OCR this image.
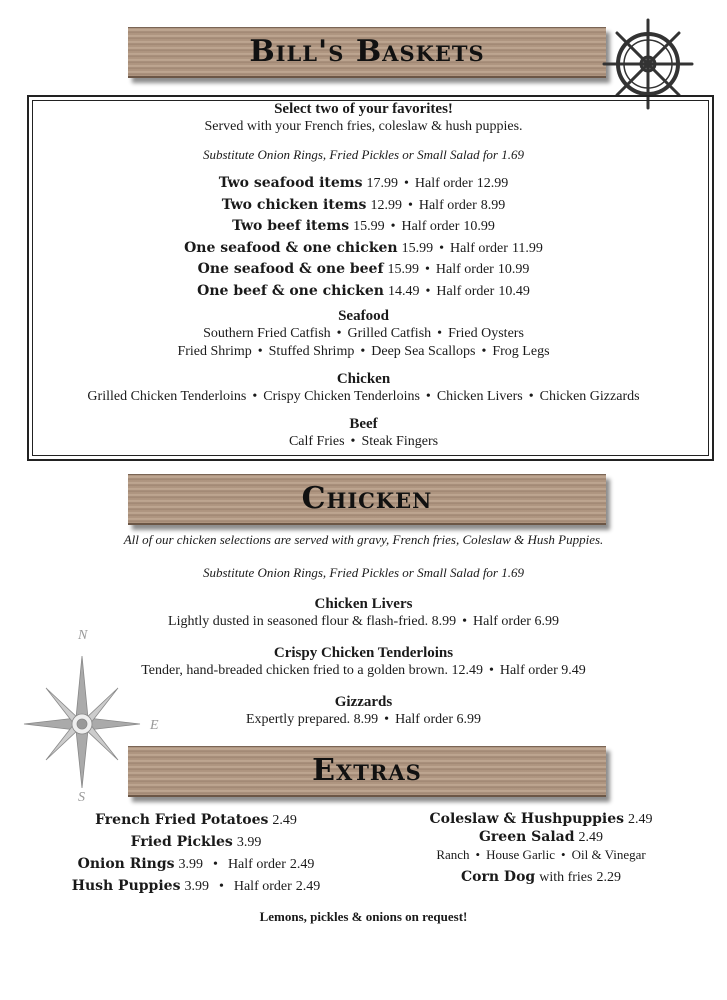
Bill's Baskets
Select two of your favorites!
Served with your French fries, coleslaw & hush puppies.
Substitute Onion Rings, Fried Pickles or Small Salad for 1.69
Two seafood items 17.99 • Half order 12.99
Two chicken items 12.99 • Half order 8.99
Two beef items 15.99 • Half order 10.99
One seafood & one chicken 15.99 • Half order 11.99
One seafood & one beef 15.99 • Half order 10.99
One beef & one chicken 14.49 • Half order 10.49
Seafood
Southern Fried Catfish • Grilled Catfish • Fried Oysters
Fried Shrimp • Stuffed Shrimp • Deep Sea Scallops • Frog Legs
Chicken
Grilled Chicken Tenderloins • Crispy Chicken Tenderloins • Chicken Livers • Chicken Gizzards
Beef
Calf Fries • Steak Fingers
Chicken
All of our chicken selections are served with gravy, French fries, Coleslaw & Hush Puppies.
Substitute Onion Rings, Fried Pickles or Small Salad for 1.69
Chicken Livers
Lightly dusted in seasoned flour & flash-fried. 8.99 • Half order 6.99
Crispy Chicken Tenderloins
Tender, hand-breaded chicken fried to a golden brown. 12.49 • Half order 9.49
Gizzards
Expertly prepared. 8.99 • Half order 6.99
N
E
S
Extras
French Fried Potatoes 2.49
Fried Pickles 3.99
Onion Rings 3.99 • Half order 2.49
Hush Puppies 3.99 • Half order 2.49
Coleslaw & Hushpuppies 2.49
Green Salad 2.49
Ranch • House Garlic • Oil & Vinegar
Corn Dog with fries 2.29
Lemons, pickles & onions on request!
